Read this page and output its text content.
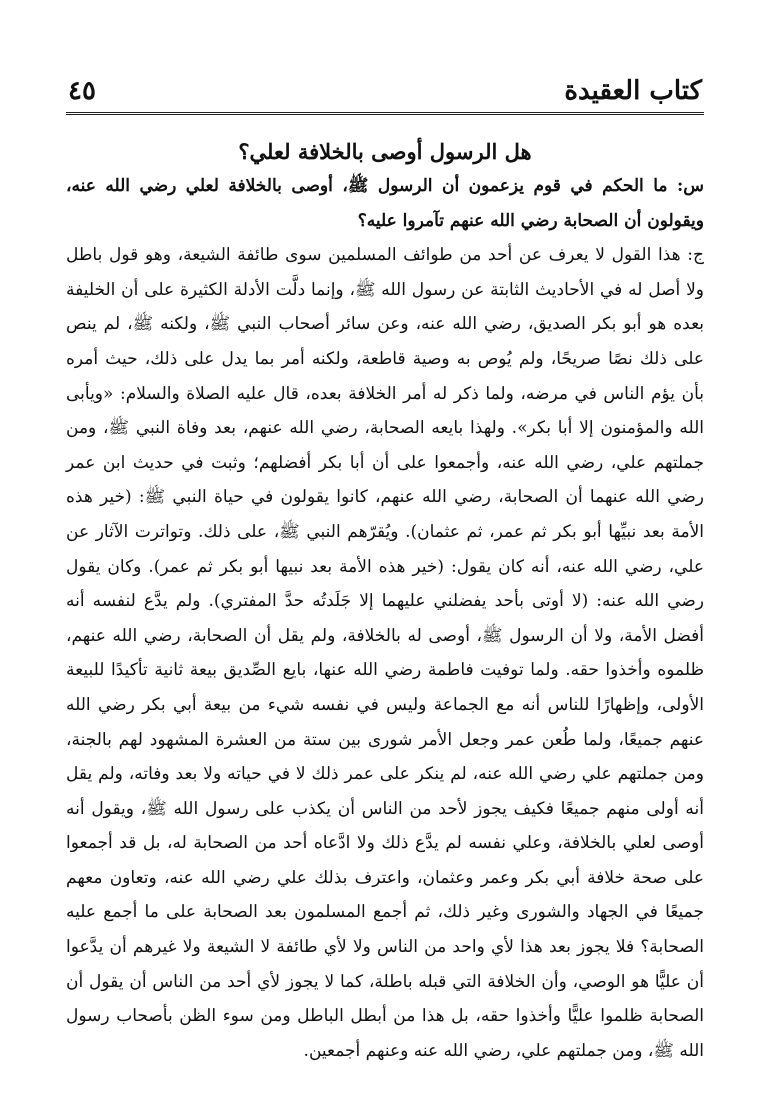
كتاب العقيدة
٤٥
هل الرسول أوصى بالخلافة لعلي؟

س: ما الحكم في قوم يزعمون أن الرسول ﷺ، أوصى بالخلافة لعلي رضي الله عنه، ويقولون أن الصحابة رضي الله عنهم تآمروا عليه؟

ج: هذا القول لا يعرف عن أحد من طوائف المسلمين سوى طائفة الشيعة، وهو قول باطل ولا أصل له في الأحاديث الثابتة عن رسول الله ﷺ، وإنما دلَّت الأدلة الكثيرة على أن الخليفة بعده هو أبو بكر الصديق، رضي الله عنه، وعن سائر أصحاب النبي ﷺ، ولكنه ﷺ، لم ينص على ذلك نصًا صريحًا، ولم يُوص به وصية قاطعة، ولكنه أمر بما يدل على ذلك، حيث أمره بأن يؤم الناس في مرضه، ولما ذكر له أمر الخلافة بعده، قال عليه الصلاة والسلام: «ويأبى الله والمؤمنون إلا أبا بكر». ولهذا بايعه الصحابة، رضي الله عنهم، بعد وفاة النبي ﷺ، ومن جملتهم علي، رضي الله عنه، وأجمعوا على أن أبا بكر أفضلهم؛ وثبت في حديث ابن عمر رضي الله عنهما أن الصحابة، رضي الله عنهم، كانوا يقولون في حياة النبي ﷺ: (خير هذه الأمة بعد نبيِّها أبو بكر ثم عمر، ثم عثمان). ويُقرّهم النبي ﷺ، على ذلك. وتواترت الآثار عن علي، رضي الله عنه، أنه كان يقول: (خير هذه الأمة بعد نبيها أبو بكر ثم عمر). وكان يقول رضي الله عنه: (لا أوتى بأحد يفضلني عليهما إلا جَلَدتُه حدَّ المفتري). ولم يدَّع لنفسه أنه أفضل الأمة، ولا أن الرسول ﷺ، أوصى له بالخلافة، ولم يقل أن الصحابة، رضي الله عنهم، ظلموه وأخذوا حقه. ولما توفيت فاطمة رضي الله عنها، بايع الصِّديق بيعة ثانية تأكيدًا للبيعة الأولى، وإظهارًا للناس أنه مع الجماعة وليس في نفسه شيء من بيعة أبي بكر رضي الله عنهم جميعًا، ولما طُعن عمر وجعل الأمر شورى بين ستة من العشرة المشهود لهم بالجنة، ومن جملتهم علي رضي الله عنه، لم ينكر على عمر ذلك لا في حياته ولا بعد وفاته، ولم يقل أنه أولى منهم جميعًا فكيف يجوز لأحد من الناس أن يكذب على رسول الله ﷺ، ويقول أنه أوصى لعلي بالخلافة، وعلي نفسه لم يدَّع ذلك ولا ادَّعاه أحد من الصحابة له، بل قد أجمعوا على صحة خلافة أبي بكر وعمر وعثمان، واعترف بذلك علي رضي الله عنه، وتعاون معهم جميعًا في الجهاد والشورى وغير ذلك، ثم أجمع المسلمون بعد الصحابة على ما أجمع عليه الصحابة؟ فلا يجوز بعد هذا لأي واحد من الناس ولا لأي طائفة لا الشيعة ولا غيرهم أن يدَّعوا أن عليًّا هو الوصي، وأن الخلافة التي قبله باطلة، كما لا يجوز لأي أحد من الناس أن يقول أن الصحابة ظلموا عليًّا وأخذوا حقه، بل هذا من أبطل الباطل ومن سوء الظن بأصحاب رسول الله ﷺ، ومن جملتهم علي، رضي الله عنه وعنهم أجمعين.
